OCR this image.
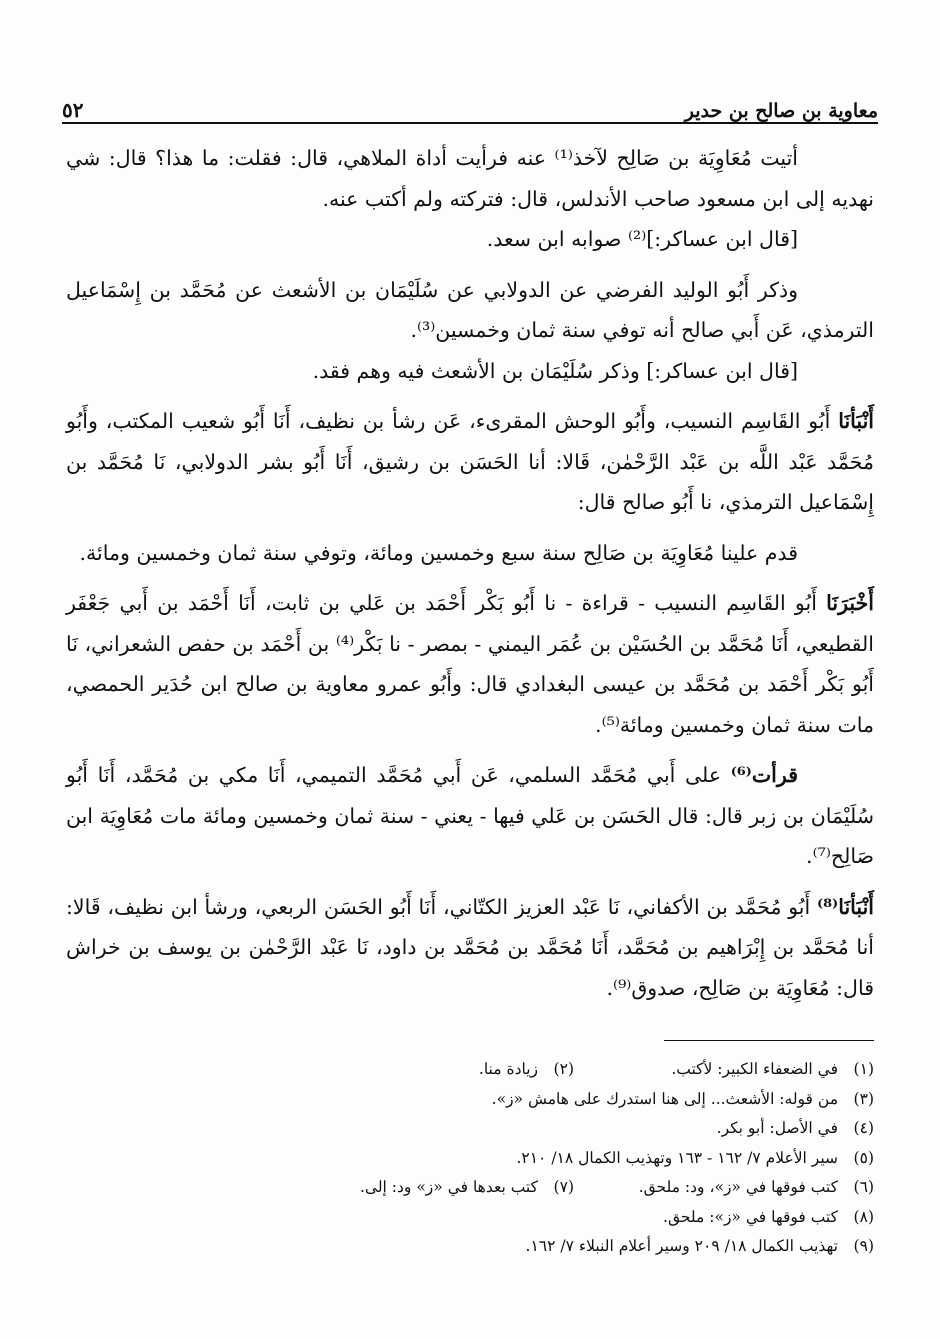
معاوية بن صالح بن حدير
٥٢

أتيت مُعَاوِيَة بن صَالِح لآخذ⁽¹⁾ عنه فرأيت أداة الملاهي، قال: فقلت: ما هذا؟ قال: شي نهديه إلى ابن مسعود صاحب الأندلس، قال: فتركته ولم أكتب عنه.

[قال ابن عساكر:]⁽²⁾ صوابه ابن سعد.

وذكر أَبُو الوليد الفرضي عن الدولابي عن سُلَيْمَان بن الأشعث عن مُحَمَّد بن إِسْمَاعيل الترمذي، عَن أَبي صالح أنه توفي سنة ثمان وخمسين⁽³⁾.

[قال ابن عساكر:] وذكر سُلَيْمَان بن الأشعث فيه وهم فقد.

أَنْبَأنَا أَبُو القَاسِم النسيب، وأَبُو الوحش المقرىء، عَن رشأ بن نظيف، أَنَا أَبُو شعيب المكتب، وأَبُو مُحَمَّد عَبْد اللَّه بن عَبْد الرَّحْمٰن، قَالا: أنا الحَسَن بن رشيق، أَنَا أَبُو بشر الدولابي، نَا مُحَمَّد بن إِسْمَاعيل الترمذي، نا أَبُو صالح قال:

قدم علينا مُعَاوِيَة بن صَالِح سنة سبع وخمسين ومائة، وتوفي سنة ثمان وخمسين ومائة.

أَخْبَرَنَا أَبُو القَاسِم النسيب - قراءة - نا أَبُو بَكْر أَحْمَد بن عَلي بن ثابت، أَنَا أَحْمَد بن أَبي جَعْفَر القطيعي، أَنَا مُحَمَّد بن الحُسَيْن بن عُمَر اليمني - بمصر - نا بَكْر⁽⁴⁾ بن أَحْمَد بن حفص الشعراني، نَا أَبُو بَكْر أَحْمَد بن مُحَمَّد بن عيسى البغدادي قال: وأَبُو عمرو معاوية بن صالح ابن حُدَير الحمصي، مات سنة ثمان وخمسين ومائة⁽⁵⁾.

قرأت⁽⁶⁾ على أَبي مُحَمَّد السلمي، عَن أَبي مُحَمَّد التميمي، أَنَا مكي بن مُحَمَّد، أَنَا أَبُو سُلَيْمَان بن زبر قال: قال الحَسَن بن عَلي فيها - يعني - سنة ثمان وخمسين ومائة مات مُعَاوِيَة ابن صَالِح⁽⁷⁾.

أَنْبَأنَا⁽⁸⁾ أَبُو مُحَمَّد بن الأكفاني، نَا عَبْد العزيز الكتّاني، أَنَا أَبُو الحَسَن الربعي، ورشأ ابن نظيف، قَالا: أنا مُحَمَّد بن إِبْرَاهيم بن مُحَمَّد، أَنَا مُحَمَّد بن مُحَمَّد بن داود، نَا عَبْد الرَّحْمٰن بن يوسف بن خراش قال: مُعَاوِيَة بن صَالِح، صدوق⁽⁹⁾.

(١)
في الضعفاء الكبير: لأكتب.
(٢)
زيادة منا.
(٣)
من قوله: الأشعث... إلى هنا استدرك على هامش «ز».
(٤)
في الأصل: أبو بكر.
(٥)
سير الأعلام ٧/ ١٦٢ - ١٦٣ وتهذيب الكمال ١٨/ ٢١٠.
(٦)
كتب فوقها في «ز»، ود: ملحق.
(٧)
كتب بعدها في «ز» ود: إلى.
(٨)
كتب فوقها في «ز»: ملحق.
(٩)
تهذيب الكمال ١٨/ ٢٠٩ وسير أعلام النبلاء ٧/ ١٦٢.
